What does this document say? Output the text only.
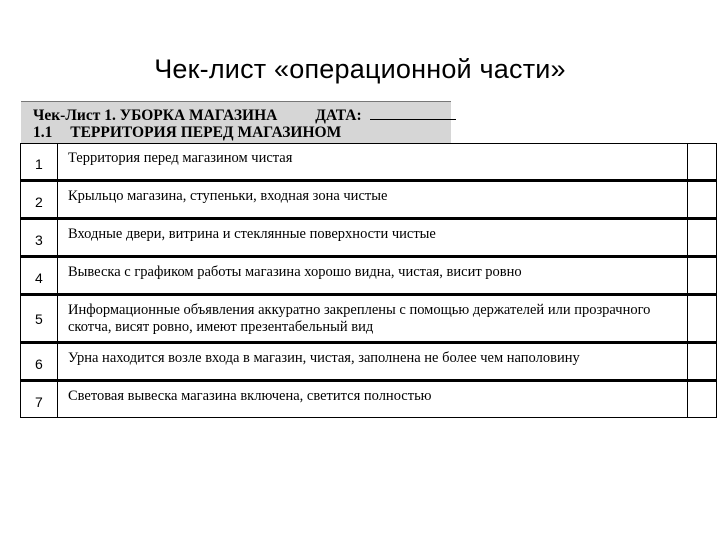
Чек-лист «операционной части»
Чек-Лист 1. УБОРКА МАГАЗИНА ДАТА:
1.1 ТЕРРИТОРИЯ ПЕРЕД МАГАЗИНОМ
1	Территория перед магазином чистая	
2	Крыльцо магазина, ступеньки, входная зона чистые	
3	Входные двери, витрина и стеклянные поверхности чистые	
4	Вывеска с графиком работы магазина хорошо видна, чистая, висит ровно	
5	Информационные объявления аккуратно закреплены с помощью держателей или прозрачного скотча, висят ровно, имеют презентабельный вид	
6	Урна находится возле входа в магазин, чистая, заполнена не более чем наполовину	
7	Световая вывеска магазина включена, светится полностью	
